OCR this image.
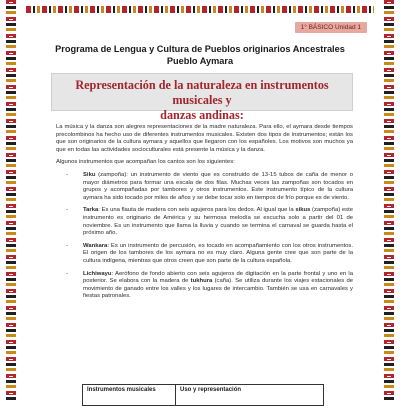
1° BÁSICO Unidad 1
Programa de Lengua y Cultura de Pueblos originarios Ancestrales
Pueblo Aymara
Representación de la naturaleza en instrumentos musicales y
danzas andinas:

La música y la danza son alegres representaciones de la madre naturaleza. Para ello, el aymara desde tiempos precolombinos ha hecho uso de diferentes instrumentos musicales. Existen dos tipos de instrumentos; están los que son originarios de la cultura aymara y aquellos que llegaron con los españoles. Los motivos son muchos ya que en todas las actividades socioculturales está presente la música y la danza.

Algunos instrumentos que acompañan los cantos son los siguientes:

-	Siku (zampoña): un instrumento de viento que es construido de 13-15 tubos de caña de menor o mayor diámetros para formar una escala de dos filas. Muchas veces las zampoñas son tocados en grupos y acompañadas por tambores y otros instrumentos. Este instrumento típico de la cultura aymara ha sido tocado por miles de años y se debe tocar solo en tiempos de frío porque es de viento.
-	Tarka: Es una flauta de madera con seis agujeros para los dedos. Al igual que la sikus (zampoña) este instrumento es originario de América y su hermosa melodía se escucha solo a partir del 01 de noviembre. Es un instrumento que llama la lluvia y cuando se termina el carnaval se guarda hasta el próximo año.
-	Wankara: Es un instrumento de percusión, es tocado en acompañamiento con los otros instrumentos. El origen de los tambores de los aymara no es muy claro. Alguna gente cree que son parte de la cultura indígena, mientras que otros creen que son parte de la cultura española.
-	Lichiwayu: Aerófono de fondo abierto con seis agujeros de digitación en la parte frontal y uno en la posterior. Se elabora con la madera de tukhura (caña). Se utiliza durante los viajes estacionales de movimiento de ganado entre los valles y los lugares de intercambio. También se usa en carnavales y fiestas patronales.
Instrumentos musicales	Uso y representación
